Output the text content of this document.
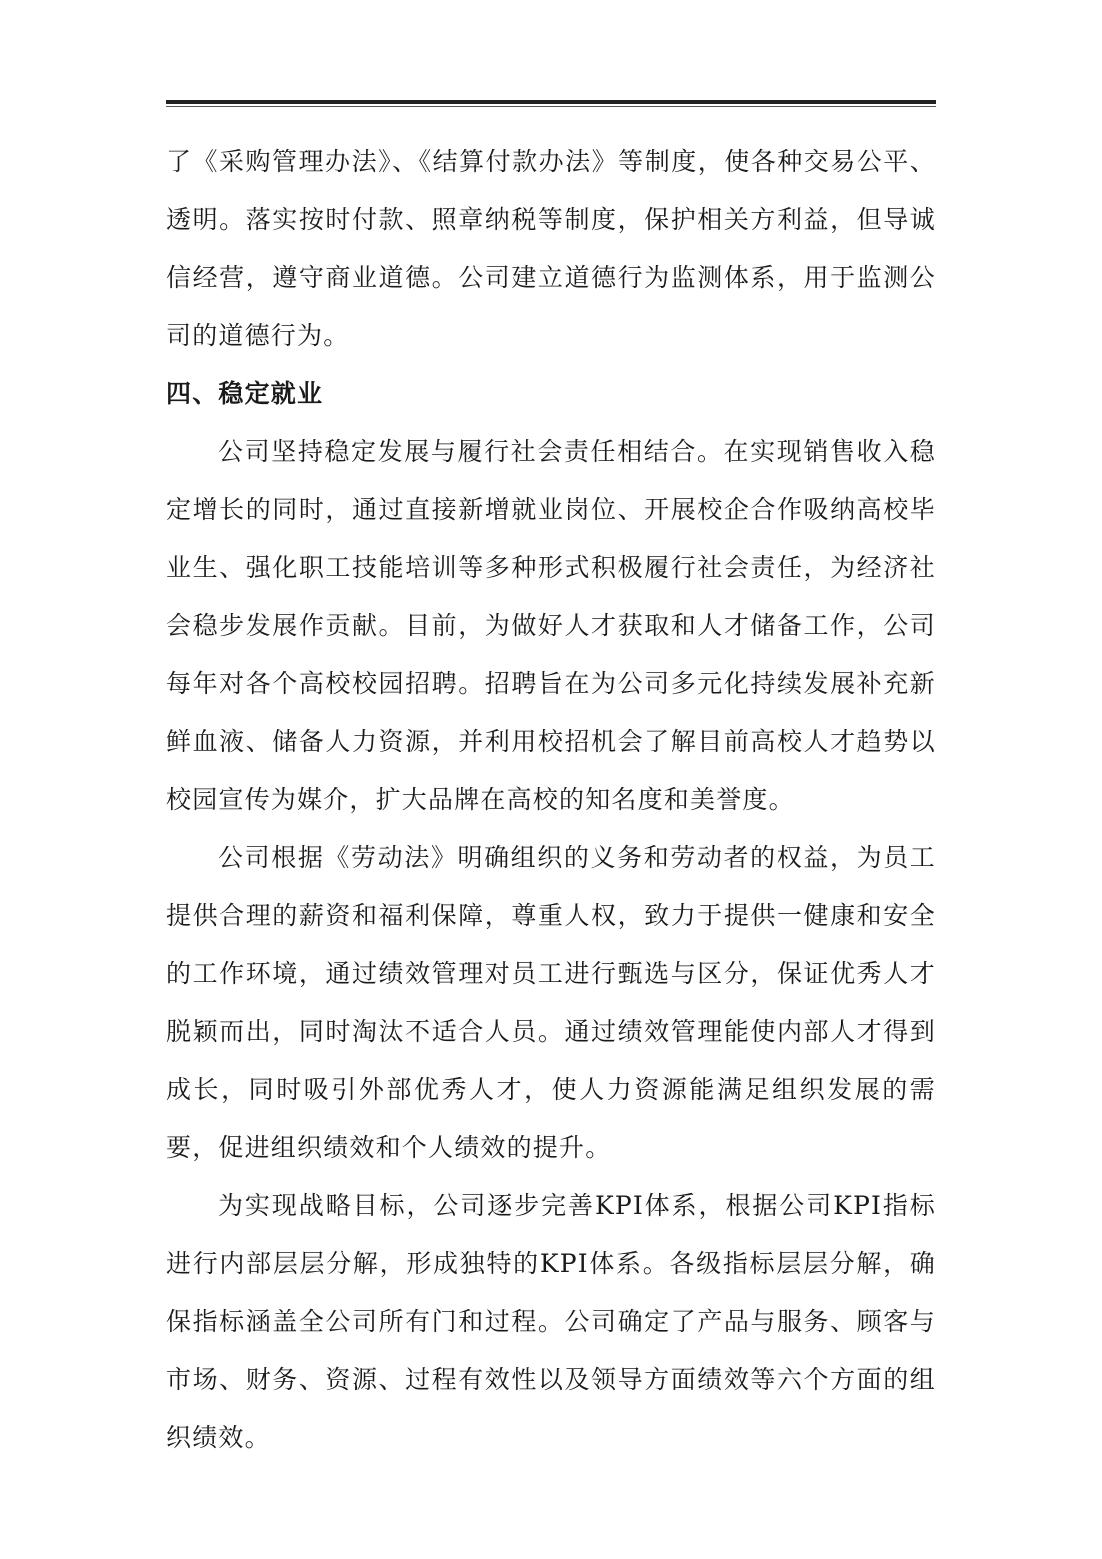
了《采购管理办法》、《结算付款办法》等制度，使各种交易公平、透明。落实按时付款、照章纳税等制度，保护相关方利益，但导诚信经营，遵守商业道德。公司建立道德行为监测体系，用于监测公司的道德行为。

四、稳定就业

公司坚持稳定发展与履行社会责任相结合。在实现销售收入稳定增长的同时，通过直接新增就业岗位、开展校企合作吸纳高校毕业生、强化职工技能培训等多种形式积极履行社会责任，为经济社会稳步发展作贡献。目前，为做好人才获取和人才储备工作，公司每年对各个高校校园招聘。招聘旨在为公司多元化持续发展补充新鲜血液、储备人力资源，并利用校招机会了解目前高校人才趋势以校园宣传为媒介，扩大品牌在高校的知名度和美誉度。

公司根据《劳动法》明确组织的义务和劳动者的权益，为员工提供合理的薪资和福利保障，尊重人权，致力于提供一健康和安全的工作环境，通过绩效管理对员工进行甄选与区分，保证优秀人才脱颖而出，同时淘汰不适合人员。通过绩效管理能使内部人才得到成长，同时吸引外部优秀人才，使人力资源能满足组织发展的需要，促进组织绩效和个人绩效的提升。

为实现战略目标，公司逐步完善KPI体系，根据公司KPI指标进行内部层层分解，形成独特的KPI体系。各级指标层层分解，确保指标涵盖全公司所有门和过程。公司确定了产品与服务、顾客与市场、财务、资源、过程有效性以及领导方面绩效等六个方面的组织绩效。
